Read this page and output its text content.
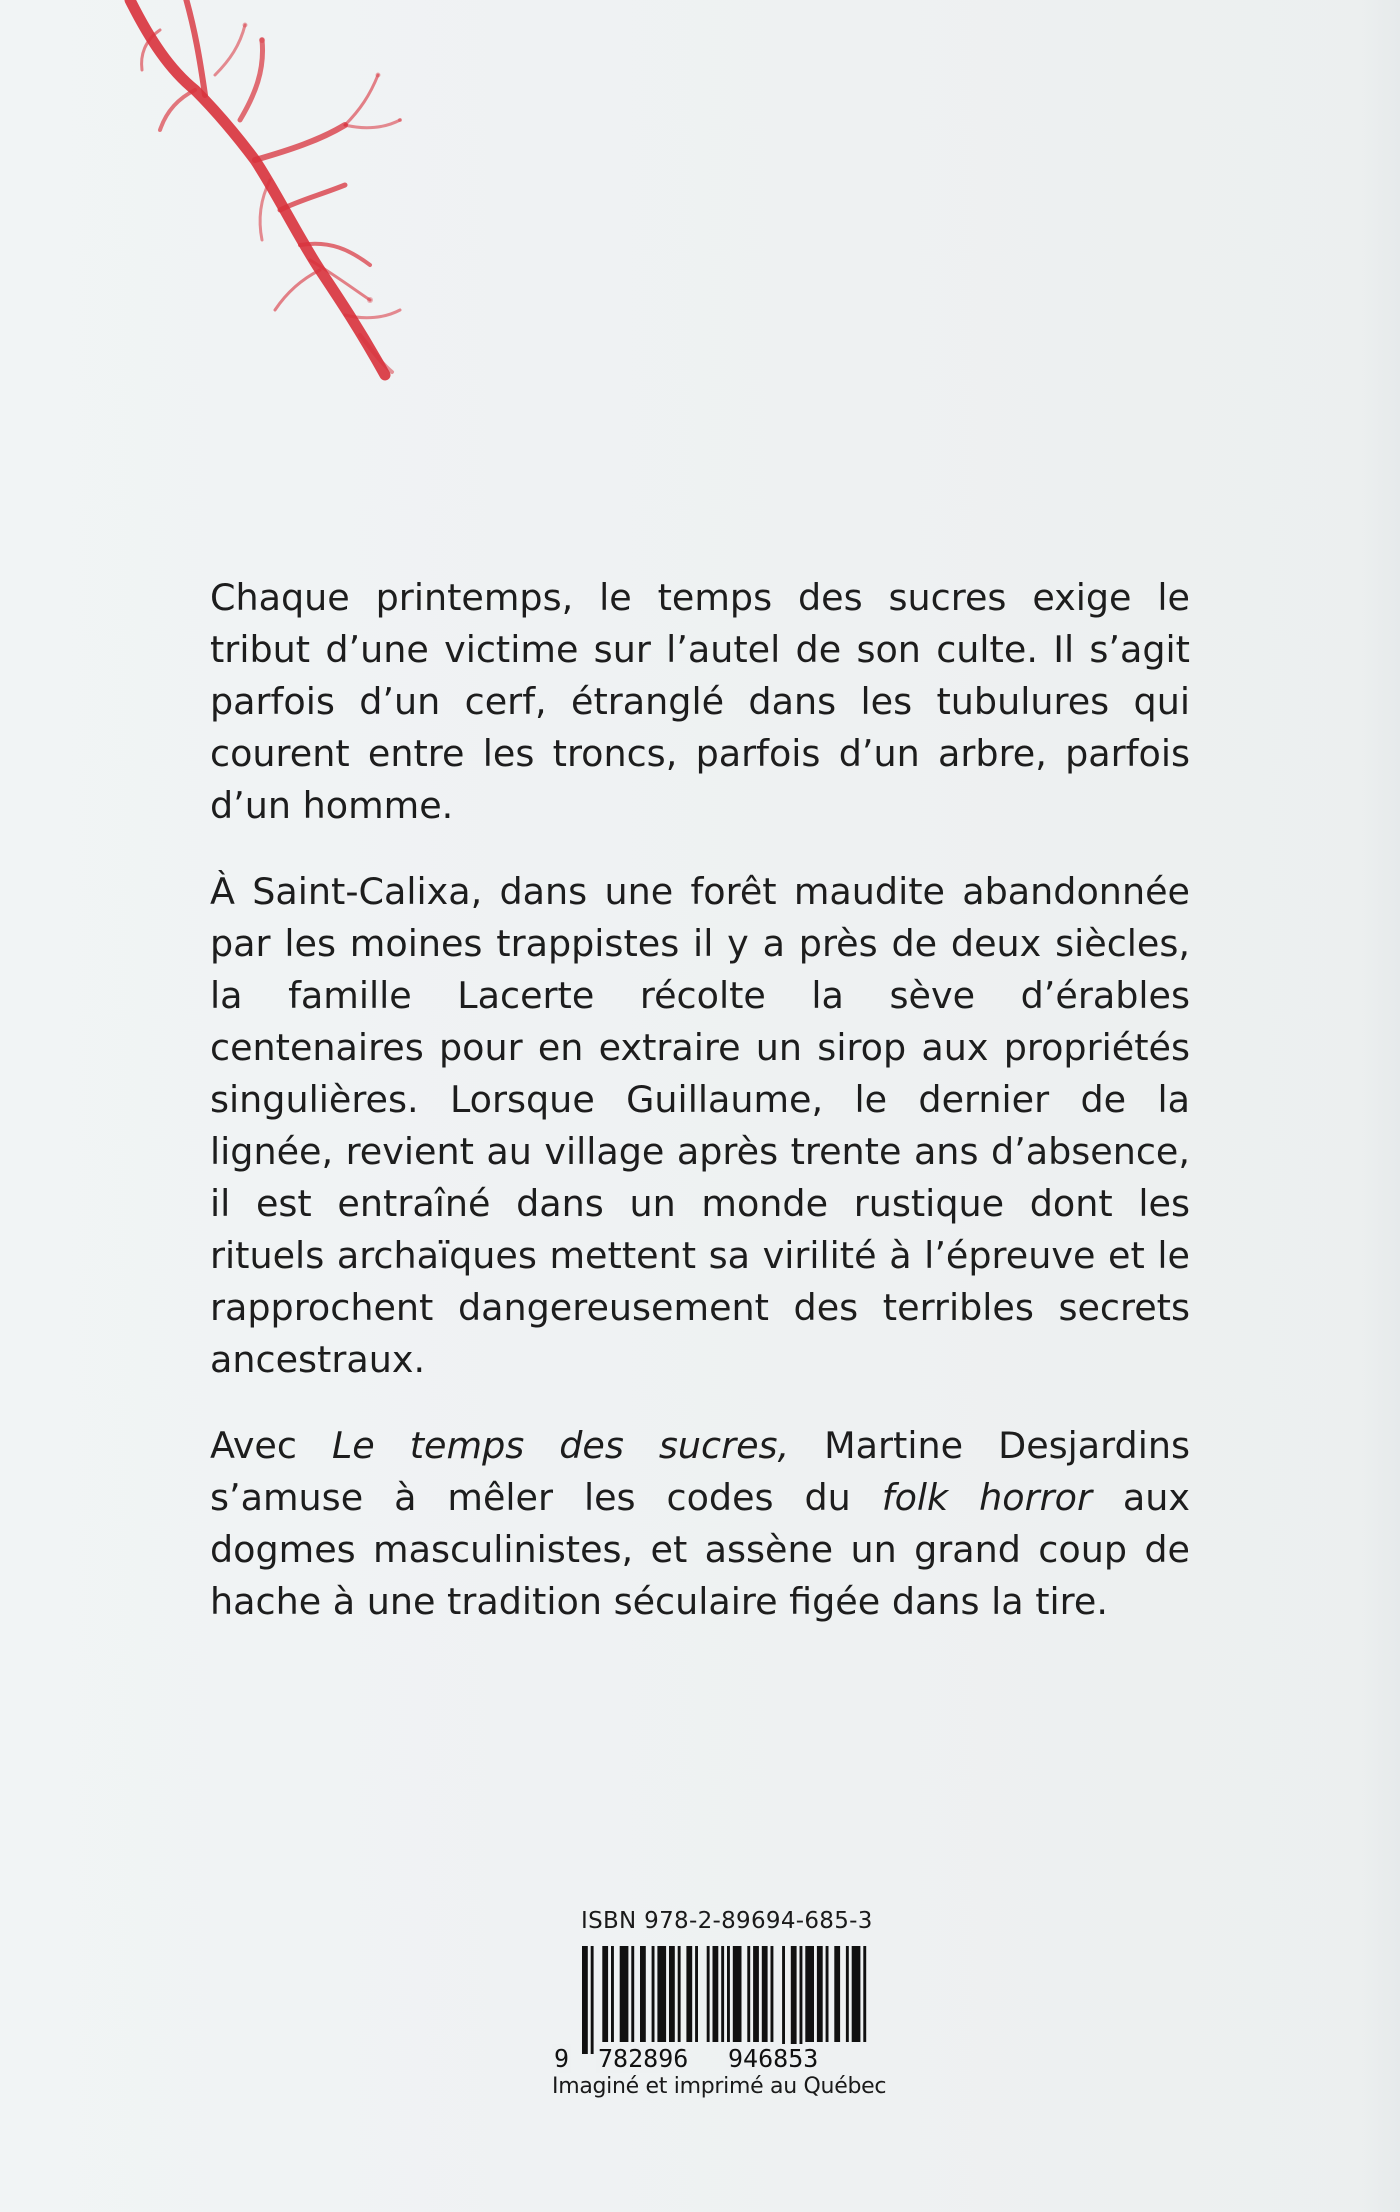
Chaque printemps, le temps des sucres exige le tribut d’une victime sur l’autel de son culte. Il s’agit parfois d’un cerf, étranglé dans les tubulures qui courent entre les troncs, parfois d’un arbre, parfois d’un homme.

À Saint-Calixa, dans une forêt maudite abandonnée par les moines trappistes il y a près de deux siècles, la famille Lacerte récolte la sève d’érables centenaires pour en extraire un sirop aux propriétés singulières. Lorsque Guillaume, le dernier de la lignée, revient au village après trente ans d’absence, il est entraîné dans un monde rustique dont les rituels archaïques mettent sa virilité à l’épreuve et le rapprochent dangereusement des terribles secrets ancestraux.

Avec Le temps des sucres, Martine Desjardins s’amuse à mêler les codes du folk horror aux dogmes masculinistes, et assène un grand coup de hache à une tradition séculaire figée dans la tire.

ISBN 978-2-89694-685-3
9 782896 946853
Imaginé et imprimé au Québec
